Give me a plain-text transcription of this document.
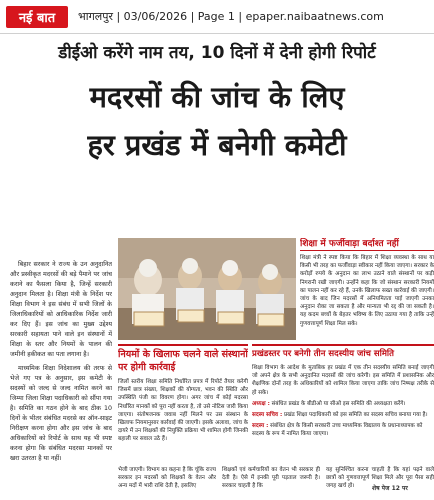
नई बात भागलपुर | 03/06/2026 | Page 1 | epaper.naibaatnews.com
डीईओ करेंगे नाम तय, 10 दिनों में देनी होगी रिपोर्ट
मदरसों की जांच के लिए
हर प्रखंड में बनेगी कमेटी

बिहार सरकार ने राज्य के उन अनुदानित और प्रस्वीकृत मदरसों की बड़े पैमाने पर जांच कराने का फैसला किया है, जिन्हें सरकारी अनुदान मिलता है। शिक्षा मंत्री के निर्देश पर शिक्षा विभाग ने इस संबंध में सभी जिलों के जिलाधिकारियों को आधिकारिक निर्देश जारी कर दिए हैं। इस जांच का मुख्य उद्देश्य सरकारी सहायता पाने वाले इन संस्थानों में शिक्षा के स्तर और नियमों के पालन की जमीनी हकीकत का पता लगाना है।

माध्यमिक शिक्षा निदेशालय की तरफ से भेजे गए पत्र के अनुसार, इस कमेटी के सदस्यों को जल्द से जल्द नामित करने का जिम्मा जिला शिक्षा पदाधिकारी को सौंपा गया है। समिति का गठन होने के बाद ठीक 10 दिनों के भीतर संबंधित मदरसे का ऑन-साइट निरीक्षण करना होगा और इस जांच के बाद अधिकारियों को रिपोर्ट के साथ यह भी स्पष्ट करना होगा कि संबंधित मदरसा मानकों पर खरा उतरता है या नहीं।

शिक्षा में फर्जीवाड़ा बर्दाश्त नहीं
शिक्षा मंत्री ने स्पष्ट किया कि बिहार में शिक्षा व्यवस्था के साथ या किसी भी तरह का फर्जीवाड़ा स्वीकार नहीं किया जाएगा। सरकार के करोड़ों रुपये के अनुदान का लाभ उठाने वाले संस्थानों पर कड़ी निगरानी रखी जाएगी। उन्होंने कहा कि जो संस्थान सरकारी नियमों का पालन नहीं कर रहे हैं, उनके खिलाफ सख्त कार्रवाई की जाएगी। जांच के बाद जिन मदरसों में अनियमितता पाई जाएगी उनका अनुदान रोका जा सकता है और मान्यता भी रद्द की जा सकती है। यह कदम बच्चों के बेहतर भविष्य के लिए उठाया गया है ताकि उन्हें गुणवत्तापूर्ण शिक्षा मिल सके।
नियमों के खिलाफ चलने वाले संस्थानों पर होगी कार्रवाई
जिलों स्तरीय शिक्षा समिति निर्धारित प्रपत्र में रिपोर्ट तैयार करेगी जिसमें छात्र संख्या, शिक्षकों की योग्यता, भवन की स्थिति और उपस्थिति पंजी का विवरण होगा। अगर जांच में कोई मदरसा निर्धारित मानकों को पूरा नहीं करता है, तो उसे नोटिस जारी किया जाएगा। संतोषजनक जवाब नहीं मिलने पर उस संस्थान के खिलाफ नियमानुसार कार्रवाई की जाएगी। इसके अलावा, जांच के दायरे में उन शिक्षकों की नियुक्ति प्रक्रिया भी शामिल होगी जिनकी बहाली पर सवाल उठे हैं।
प्रखंडस्तर पर बनेगी तीन सदस्यीय जांच समिति
शिक्षा विभाग के आदेश के मुताबिक हर प्रखंड में एक तीन सदस्यीय समिति बनाई जाएगी जो अपने क्षेत्र के सभी अनुदानित मदरसों की जांच करेगी। इस समिति में प्रशासनिक और शैक्षणिक दोनों तरह के अधिकारियों को शामिल किया जाएगा ताकि जांच निष्पक्ष तरीके से हो सके।
अध्यक्ष : संबंधित प्रखंड के बीडीओ या सीओ इस समिति की अध्यक्षता करेंगे।
सदस्य सचिव : प्रखंड शिक्षा पदाधिकारी को इस समिति का सदस्य सचिव बनाया गया है।
सदस्य : संबंधित क्षेत्र के किसी सरकारी उच्च माध्यमिक विद्यालय के प्रधानाध्यापक को सदस्य के रूप में नामित किया जाएगा।
भेजी जाएगी। विभाग का कहना है कि चूंकि राज्य सरकार इन मदरसों को शिक्षकों के वेतन और अन्य मदों में भारी राशि देती है, इसलिए
शिक्षकों एवं कर्मचारियों का वेतन भी सरकार ही देती है। ऐसे में इनकी पूरी पड़ताल जरूरी है। सरकार चाहती है कि
यह सुनिश्चित करना चाहती है कि यहां पढ़ने वाले छात्रों को गुणवत्तापूर्ण शिक्षा मिले और पूरा पैसा सही जगह खर्च हो।	शेष पेज 12 पर
